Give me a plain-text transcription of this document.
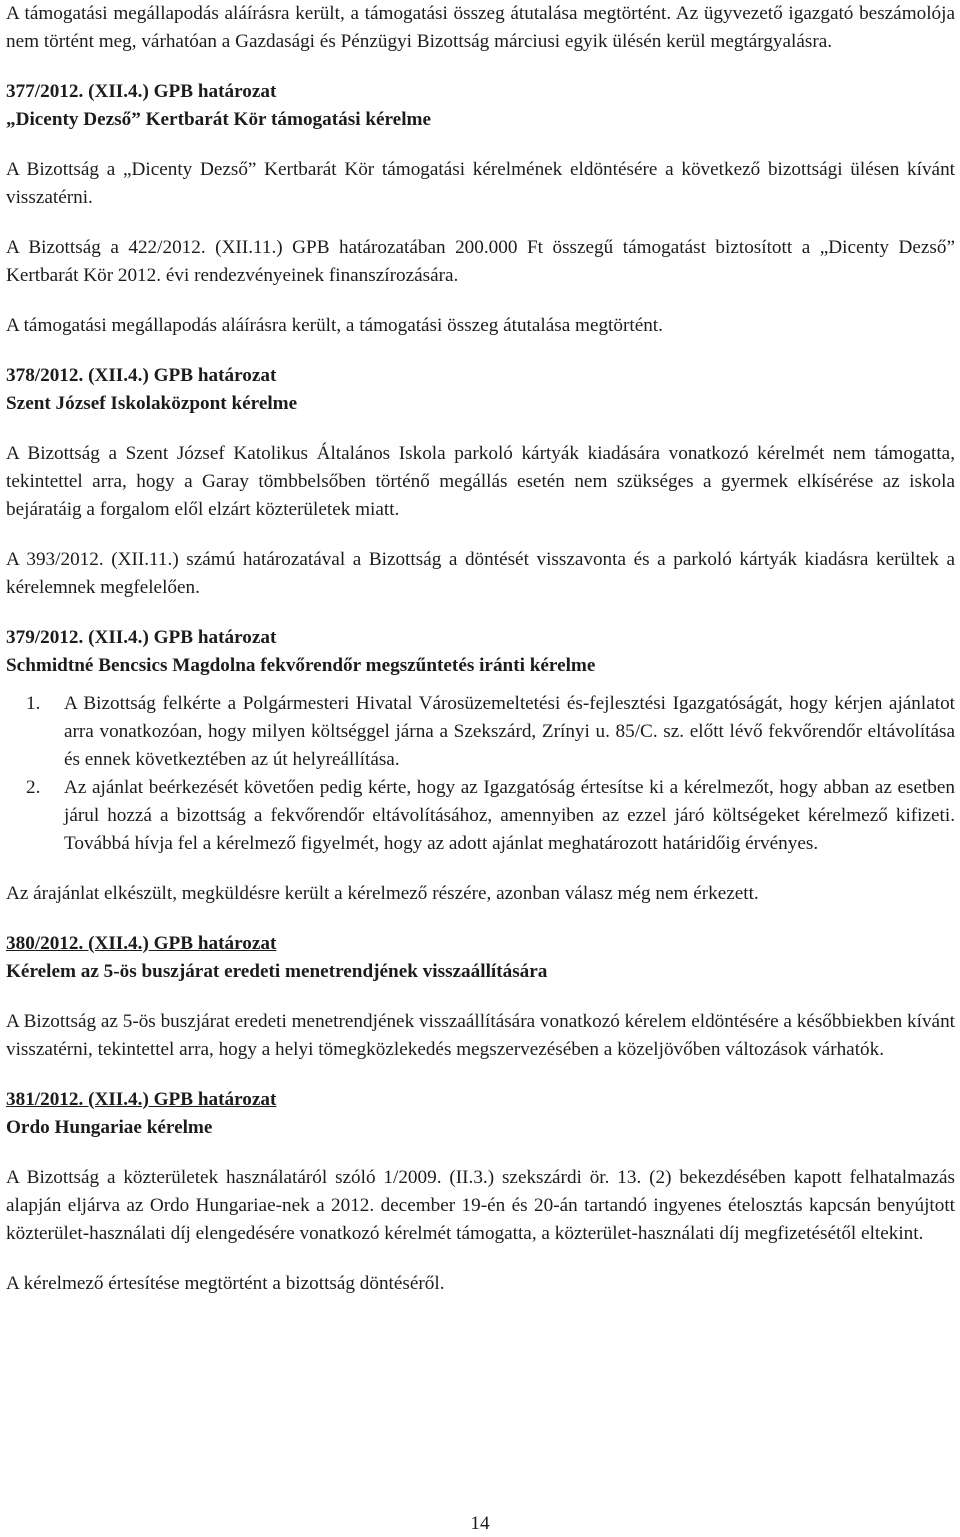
A támogatási megállapodás aláírásra került, a támogatási összeg átutalása megtörtént. Az ügyvezető igazgató beszámolója nem történt meg, várhatóan a Gazdasági és Pénzügyi Bizottság márciusi egyik ülésén kerül megtárgyalásra.

377/2012. (XII.4.) GPB határozat

„Dicenty Dezső” Kertbarát Kör támogatási kérelme

A Bizottság a „Dicenty Dezső” Kertbarát Kör támogatási kérelmének eldöntésére a következő bizottsági ülésen kívánt visszatérni.

A Bizottság a 422/2012. (XII.11.) GPB határozatában 200.000 Ft összegű támogatást biztosított a „Dicenty Dezső” Kertbarát Kör 2012. évi rendezvényeinek finanszírozására.

A támogatási megállapodás aláírásra került, a támogatási összeg átutalása megtörtént.

378/2012. (XII.4.) GPB határozat

Szent József Iskolaközpont kérelme

A Bizottság a Szent József Katolikus Általános Iskola parkoló kártyák kiadására vonatkozó kérelmét nem támogatta, tekintettel arra, hogy a Garay tömbbelsőben történő megállás esetén nem szükséges a gyermek elkísérése az iskola bejáratáig a forgalom elől elzárt közterületek miatt.

A 393/2012. (XII.11.) számú határozatával a Bizottság a döntését visszavonta és a parkoló kártyák kiadásra kerültek a kérelemnek megfelelően.

379/2012. (XII.4.) GPB határozat

Schmidtné Bencsics Magdolna fekvőrendőr megszűntetés iránti kérelme

1. A Bizottság felkérte a Polgármesteri Hivatal Városüzemeltetési és-fejlesztési Igazgatóságát, hogy kérjen ajánlatot arra vonatkozóan, hogy milyen költséggel járna a Szekszárd, Zrínyi u. 85/C. sz. előtt lévő fekvőrendőr eltávolítása és ennek következtében az út helyreállítása.
2. Az ajánlat beérkezését követően pedig kérte, hogy az Igazgatóság értesítse ki a kérelmezőt, hogy abban az esetben járul hozzá a bizottság a fekvőrendőr eltávolításához, amennyiben az ezzel járó költségeket kérelmező kifizeti. Továbbá hívja fel a kérelmező figyelmét, hogy az adott ajánlat meghatározott határidőig érvényes.

Az árajánlat elkészült, megküldésre került a kérelmező részére, azonban válasz még nem érkezett.

380/2012. (XII.4.) GPB határozat

Kérelem az 5-ös buszjárat eredeti menetrendjének visszaállítására

A Bizottság az 5-ös buszjárat eredeti menetrendjének visszaállítására vonatkozó kérelem eldöntésére a későbbiekben kívánt visszatérni, tekintettel arra, hogy a helyi tömegközlekedés megszervezésében a közeljövőben változások várhatók.

381/2012. (XII.4.) GPB határozat

Ordo Hungariae kérelme

A Bizottság a közterületek használatáról szóló 1/2009. (II.3.) szekszárdi ör. 13. (2) bekezdésében kapott felhatalmazás alapján eljárva az Ordo Hungariae-nek a 2012. december 19-én és 20-án tartandó ingyenes ételosztás kapcsán benyújtott közterület-használati díj elengedésére vonatkozó kérelmét támogatta, a közterület-használati díj megfizetésétől eltekint.

A kérelmező értesítése megtörtént a bizottság döntéséről.

14
